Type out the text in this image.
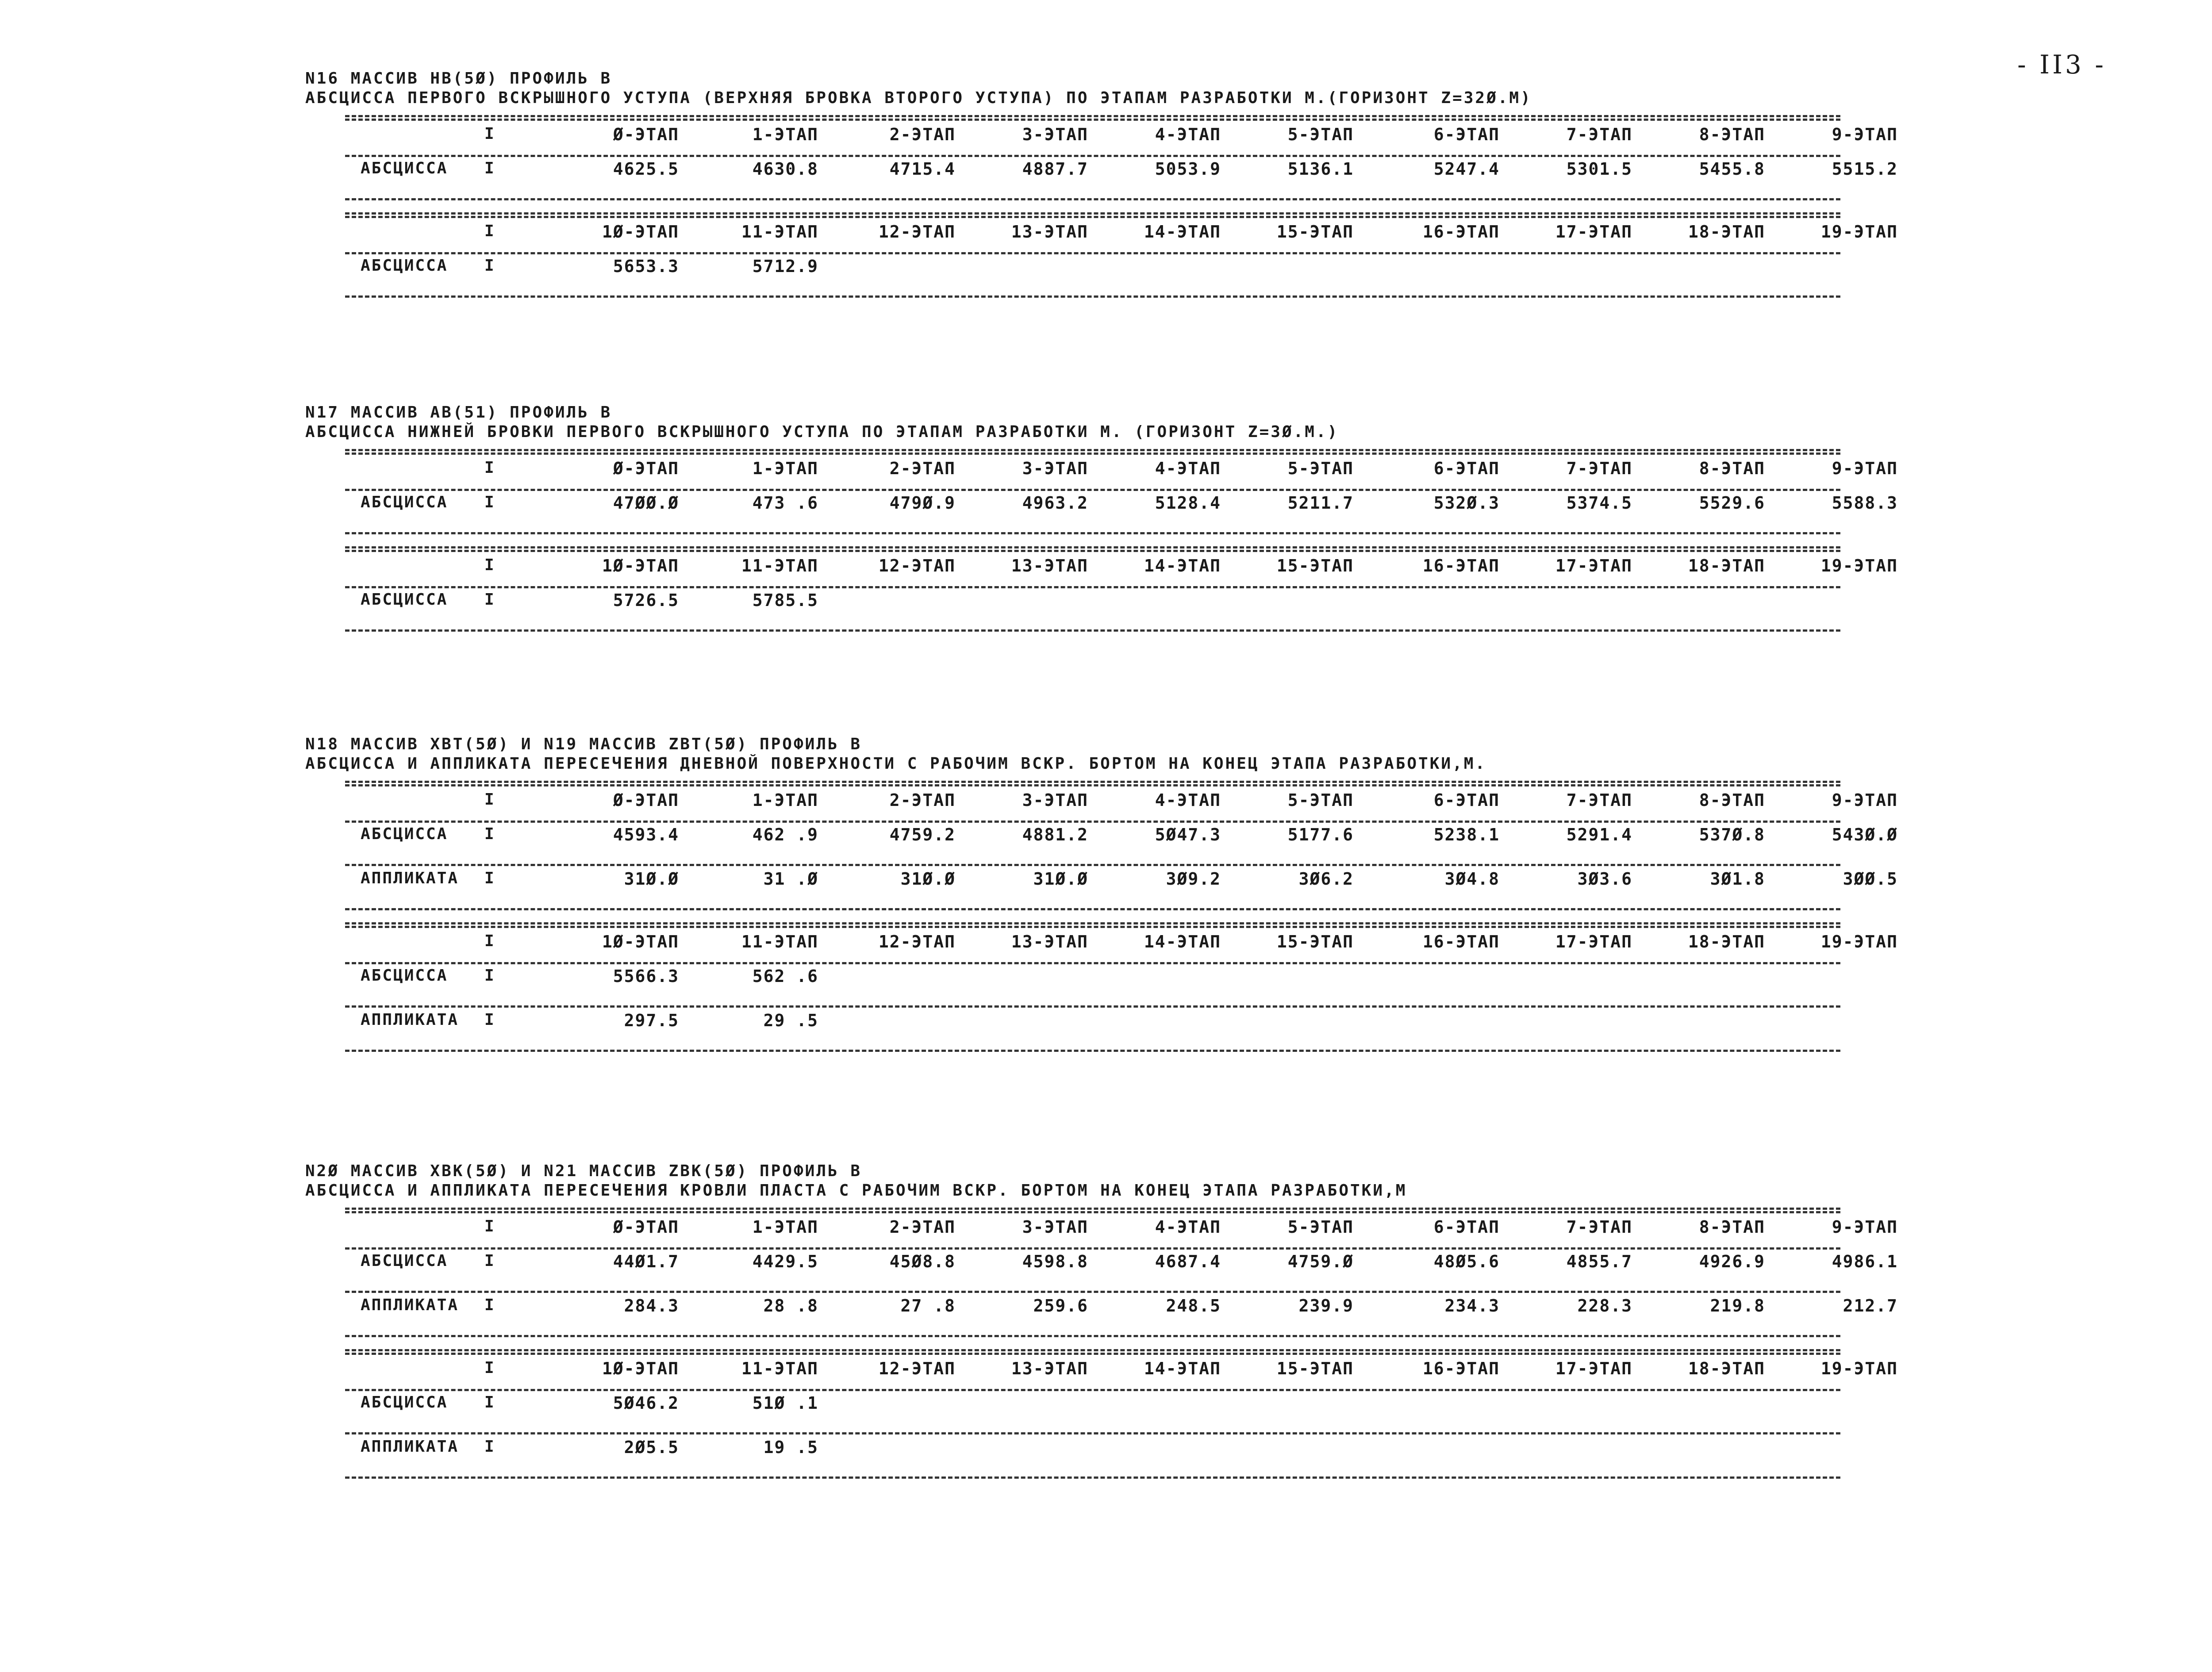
- II3 -
N16 МАССИВ HB(5Ø) ПРОФИЛЬ В
АБСЦИССА ПЕРВОГО ВСКРЫШНОГО УСТУПА (ВЕРХНЯЯ БРОВКА ВТОРОГО УСТУПА) ПО ЭТАПАМ РАЗРАБОТКИ М.(ГОРИЗОНТ Z=32Ø.М)
I	Ø-ЭТАП	1-ЭТАП	2-ЭТАП	3-ЭТАП	4-ЭТАП	5-ЭТАП	6-ЭТАП	7-ЭТАП	8-ЭТАП	9-ЭТАП
АБСЦИССА I	4625.5	4630.8	4715.4	4887.7	5053.9	5136.1	5247.4	5301.5	5455.8	5515.2
I	1Ø-ЭТАП	11-ЭТАП	12-ЭТАП	13-ЭТАП	14-ЭТАП	15-ЭТАП	16-ЭТАП	17-ЭТАП	18-ЭТАП	19-ЭТАП
АБСЦИССА I	5653.3	5712.9
N17 МАССИВ AB(51) ПРОФИЛЬ В
АБСЦИССА НИЖНЕЙ БРОВКИ ПЕРВОГО ВСКРЫШНОГО УСТУПА ПО ЭТАПАМ РАЗРАБОТКИ М. (ГОРИЗОНТ Z=3Ø.М.)
I	Ø-ЭТАП	1-ЭТАП	2-ЭТАП	3-ЭТАП	4-ЭТАП	5-ЭТАП	6-ЭТАП	7-ЭТАП	8-ЭТАП	9-ЭТАП
АБСЦИССА I	47ØØ.Ø	473 .6	479Ø.9	4963.2	5128.4	5211.7	532Ø.3	5374.5	5529.6	5588.3
I	1Ø-ЭТАП	11-ЭТАП	12-ЭТАП	13-ЭТАП	14-ЭТАП	15-ЭТАП	16-ЭТАП	17-ЭТАП	18-ЭТАП	19-ЭТАП
АБСЦИССА I	5726.5	5785.5
N18 МАССИВ XBT(5Ø) И N19 МАССИВ ZBT(5Ø) ПРОФИЛЬ В
АБСЦИССА И АППЛИКАТА ПЕРЕСЕЧЕНИЯ ДНЕВНОЙ ПОВЕРХНОСТИ С РАБОЧИМ ВСКР. БОРТОМ НА КОНЕЦ ЭТАПА РАЗРАБОТКИ,М.
I	Ø-ЭТАП	1-ЭТАП	2-ЭТАП	3-ЭТАП	4-ЭТАП	5-ЭТАП	6-ЭТАП	7-ЭТАП	8-ЭТАП	9-ЭТАП
АБСЦИССА I	4593.4	462 .9	4759.2	4881.2	5Ø47.3	5177.6	5238.1	5291.4	537Ø.8	543Ø.Ø
АППЛИКАТА I	31Ø.Ø	31 .Ø	31Ø.Ø	31Ø.Ø	3Ø9.2	3Ø6.2	3Ø4.8	3Ø3.6	3Ø1.8	3ØØ.5
I	1Ø-ЭТАП	11-ЭТАП	12-ЭТАП	13-ЭТАП	14-ЭТАП	15-ЭТАП	16-ЭТАП	17-ЭТАП	18-ЭТАП	19-ЭТАП
АБСЦИССА I	5566.3	562 .6
АППЛИКАТА I	297.5	29 .5
N2Ø МАССИВ XBK(5Ø) И N21 МАССИВ ZBK(5Ø) ПРОФИЛЬ В
АБСЦИССА И АППЛИКАТА ПЕРЕСЕЧЕНИЯ КРОВЛИ ПЛАСТА С РАБОЧИМ ВСКР. БОРТОМ НА КОНЕЦ ЭТАПА РАЗРАБОТКИ,М
I	Ø-ЭТАП	1-ЭТАП	2-ЭТАП	3-ЭТАП	4-ЭТАП	5-ЭТАП	6-ЭТАП	7-ЭТАП	8-ЭТАП	9-ЭТАП
АБСЦИССА I	44Ø1.7	4429.5	45Ø8.8	4598.8	4687.4	4759.Ø	48Ø5.6	4855.7	4926.9	4986.1
АППЛИКАТА I	284.3	28 .8	27 .8	259.6	248.5	239.9	234.3	228.3	219.8	212.7
I	1Ø-ЭТАП	11-ЭТАП	12-ЭТАП	13-ЭТАП	14-ЭТАП	15-ЭТАП	16-ЭТАП	17-ЭТАП	18-ЭТАП	19-ЭТАП
АБСЦИССА I	5Ø46.2	51Ø .1
АППЛИКАТА I	2Ø5.5	19 .5
